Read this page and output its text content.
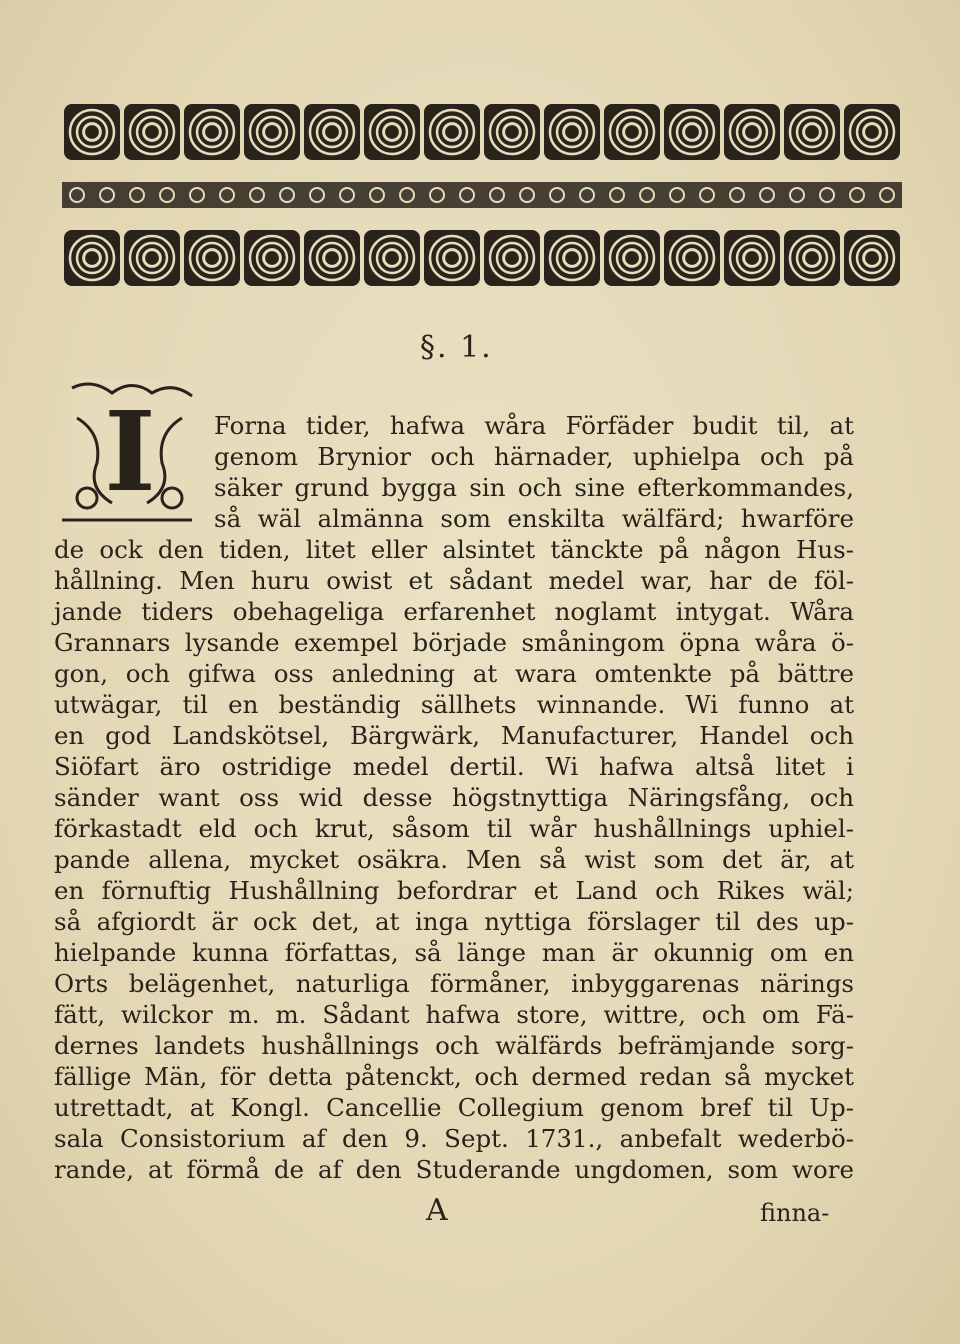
§. 1.
I	Forna tider, hafwa wåra Förfäder budit til, at
genom Brynior och härnader, uphielpa och på
säker grund bygga sin och sine efterkommandes,
så wäl almänna som enskilta wälfärd; hwarföre
de ock den tiden, litet eller alsintet tänckte på någon Hus-
hållning. Men huru owist et sådant medel war, har de föl-
jande tiders obehageliga erfarenhet noglamt intygat. Wåra
Grannars lysande exempel började småningom öpna wåra ö-
gon, och gifwa oss anledning at wara omtenkte på bättre
utwägar, til en beständig sällhets winnande. Wi funno at
en god Landskötsel, Bärgwärk, Manufacturer, Handel och
Siöfart äro ostridige medel dertil. Wi hafwa altså litet i
sänder want oss wid desse högstnyttiga Näringsfång, och
förkastadt eld och krut, såsom til wår hushållnings uphiel-
pande allena, mycket osäkra. Men så wist som det är, at
en förnuftig Hushållning befordrar et Land och Rikes wäl;
så afgiordt är ock det, at inga nyttiga förslager til des up-
hielpande kunna författas, så länge man är okunnig om en
Orts belägenhet, naturliga förmåner, inbyggarenas närings
fätt, wilckor m. m. Sådant hafwa store, wittre, och om Fä-
dernes landets hushållnings och wälfärds befrämjande sorg-
fällige Män, för detta påtenckt, och dermed redan så mycket
utrettadt, at Kongl. Cancellie Collegium genom bref til Up-
sala Consistorium af den 9. Sept. 1731., anbefalt wederbö-
rande, at förmå de af den Studerande ungdomen, som wore
A	finna-
